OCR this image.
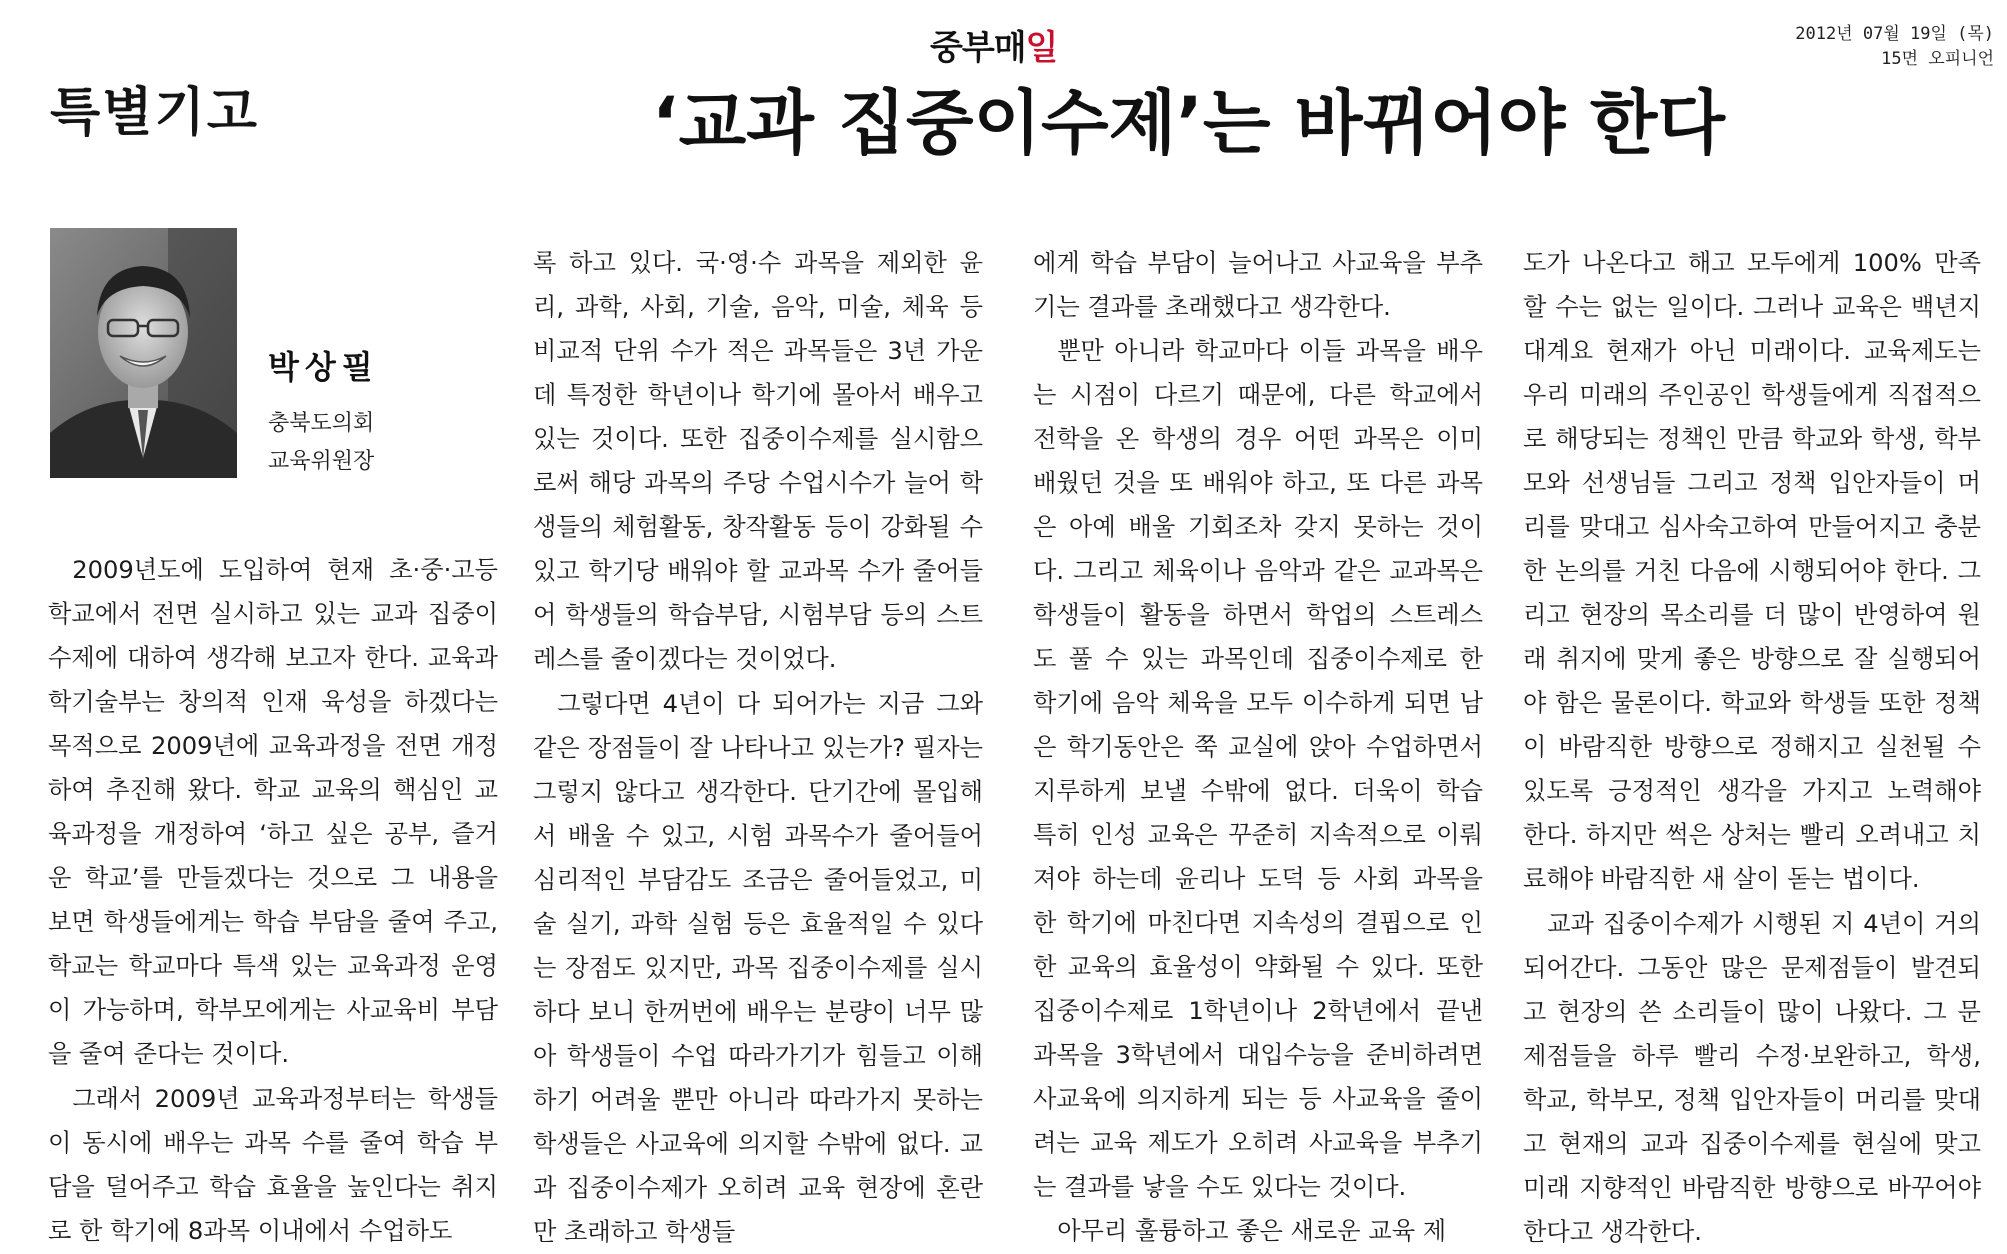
중부매일	2012년 07월 19일 (목)
15면 오피니언
특별기고	‘교과 집중이수제’는 바뀌어야 한다
박상필
충북도의회
교육위원장

2009년도에 도입하여 현재 초·중·고등학교에서 전면 실시하고 있는 교과 집중이수제에 대하여 생각해 보고자 한다. 교육과학기술부는 창의적 인재 육성을 하겠다는 목적으로 2009년에 교육과정을 전면 개정하여 추진해 왔다. 학교 교육의 핵심인 교육과정을 개정하여 ‘하고 싶은 공부, 즐거운 학교’를 만들겠다는 것으로 그 내용을 보면 학생들에게는 학습 부담을 줄여 주고, 학교는 학교마다 특색 있는 교육과정 운영이 가능하며, 학부모에게는 사교육비 부담을 줄여 준다는 것이다.

그래서 2009년 교육과정부터는 학생들이 동시에 배우는 과목 수를 줄여 학습 부담을 덜어주고 학습 효율을 높인다는 취지로 한 학기에 8과목 이내에서 수업하도

록 하고 있다. 국·영·수 과목을 제외한 윤리, 과학, 사회, 기술, 음악, 미술, 체육 등 비교적 단위 수가 적은 과목들은 3년 가운데 특정한 학년이나 학기에 몰아서 배우고 있는 것이다. 또한 집중이수제를 실시함으로써 해당 과목의 주당 수업시수가 늘어 학생들의 체험활동, 창작활동 등이 강화될 수 있고 학기당 배워야 할 교과목 수가 줄어들어 학생들의 학습부담, 시험부담 등의 스트레스를 줄이겠다는 것이었다.

그렇다면 4년이 다 되어가는 지금 그와 같은 장점들이 잘 나타나고 있는가? 필자는 그렇지 않다고 생각한다. 단기간에 몰입해서 배울 수 있고, 시험 과목수가 줄어들어 심리적인 부담감도 조금은 줄어들었고, 미술 실기, 과학 실험 등은 효율적일 수 있다는 장점도 있지만, 과목 집중이수제를 실시하다 보니 한꺼번에 배우는 분량이 너무 많아 학생들이 수업 따라가기가 힘들고 이해하기 어려울 뿐만 아니라 따라가지 못하는 학생들은 사교육에 의지할 수밖에 없다. 교과 집중이수제가 오히려 교육 현장에 혼란만 초래하고 학생들

에게 학습 부담이 늘어나고 사교육을 부추기는 결과를 초래했다고 생각한다.

뿐만 아니라 학교마다 이들 과목을 배우는 시점이 다르기 때문에, 다른 학교에서 전학을 온 학생의 경우 어떤 과목은 이미 배웠던 것을 또 배워야 하고, 또 다른 과목은 아예 배울 기회조차 갖지 못하는 것이다. 그리고 체육이나 음악과 같은 교과목은 학생들이 활동을 하면서 학업의 스트레스도 풀 수 있는 과목인데 집중이수제로 한 학기에 음악 체육을 모두 이수하게 되면 남은 학기동안은 쭉 교실에 앉아 수업하면서 지루하게 보낼 수밖에 없다. 더욱이 학습 특히 인성 교육은 꾸준히 지속적으로 이뤄져야 하는데 윤리나 도덕 등 사회 과목을 한 학기에 마친다면 지속성의 결핍으로 인한 교육의 효율성이 약화될 수 있다. 또한 집중이수제로 1학년이나 2학년에서 끝낸 과목을 3학년에서 대입수능을 준비하려면 사교육에 의지하게 되는 등 사교육을 줄이려는 교육 제도가 오히려 사교육을 부추기는 결과를 낳을 수도 있다는 것이다.

아무리 훌륭하고 좋은 새로운 교육 제

도가 나온다고 해고 모두에게 100% 만족할 수는 없는 일이다. 그러나 교육은 백년지 대계요 현재가 아닌 미래이다. 교육제도는 우리 미래의 주인공인 학생들에게 직접적으로 해당되는 정책인 만큼 학교와 학생, 학부모와 선생님들 그리고 정책 입안자들이 머리를 맞대고 심사숙고하여 만들어지고 충분한 논의를 거친 다음에 시행되어야 한다. 그리고 현장의 목소리를 더 많이 반영하여 원래 취지에 맞게 좋은 방향으로 잘 실행되어야 함은 물론이다. 학교와 학생들 또한 정책이 바람직한 방향으로 정해지고 실천될 수 있도록 긍정적인 생각을 가지고 노력해야 한다. 하지만 썩은 상처는 빨리 오려내고 치료해야 바람직한 새 살이 돋는 법이다.

교과 집중이수제가 시행된 지 4년이 거의 되어간다. 그동안 많은 문제점들이 발견되고 현장의 쓴 소리들이 많이 나왔다. 그 문제점들을 하루 빨리 수정·보완하고, 학생, 학교, 학부모, 정책 입안자들이 머리를 맞대고 현재의 교과 집중이수제를 현실에 맞고 미래 지향적인 바람직한 방향으로 바꾸어야 한다고 생각한다.
